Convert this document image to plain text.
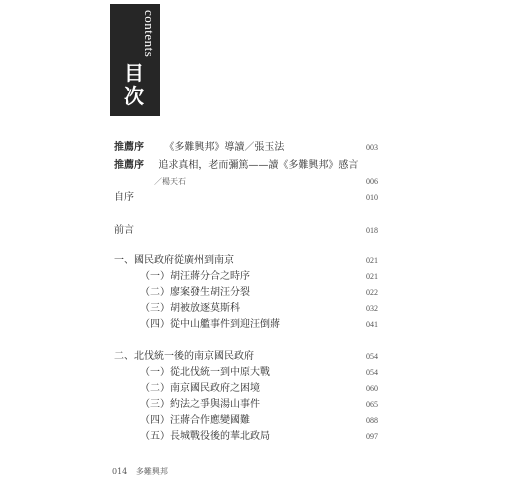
目
次
contents
推薦序 《多難興邦》導讀／張玉法	003
推薦序 追求真相，老而彌篤——讀《多難興邦》感言
／楊天石	006
自序	010
前言	018
一、國民政府從廣州到南京	021
（一）胡汪蔣分合之時序	021
（二）廖案發生胡汪分裂	022
（三）胡被放逐莫斯科	032
（四）從中山艦事件到迎汪倒蔣	041
二、北伐統一後的南京國民政府	054
（一）從北伐統一到中原大戰	054
（二）南京國民政府之困境	060
（三）約法之爭與湯山事件	065
（四）汪蔣合作應變國難	088
（五）長城戰役後的華北政局	097
014 多難興邦
